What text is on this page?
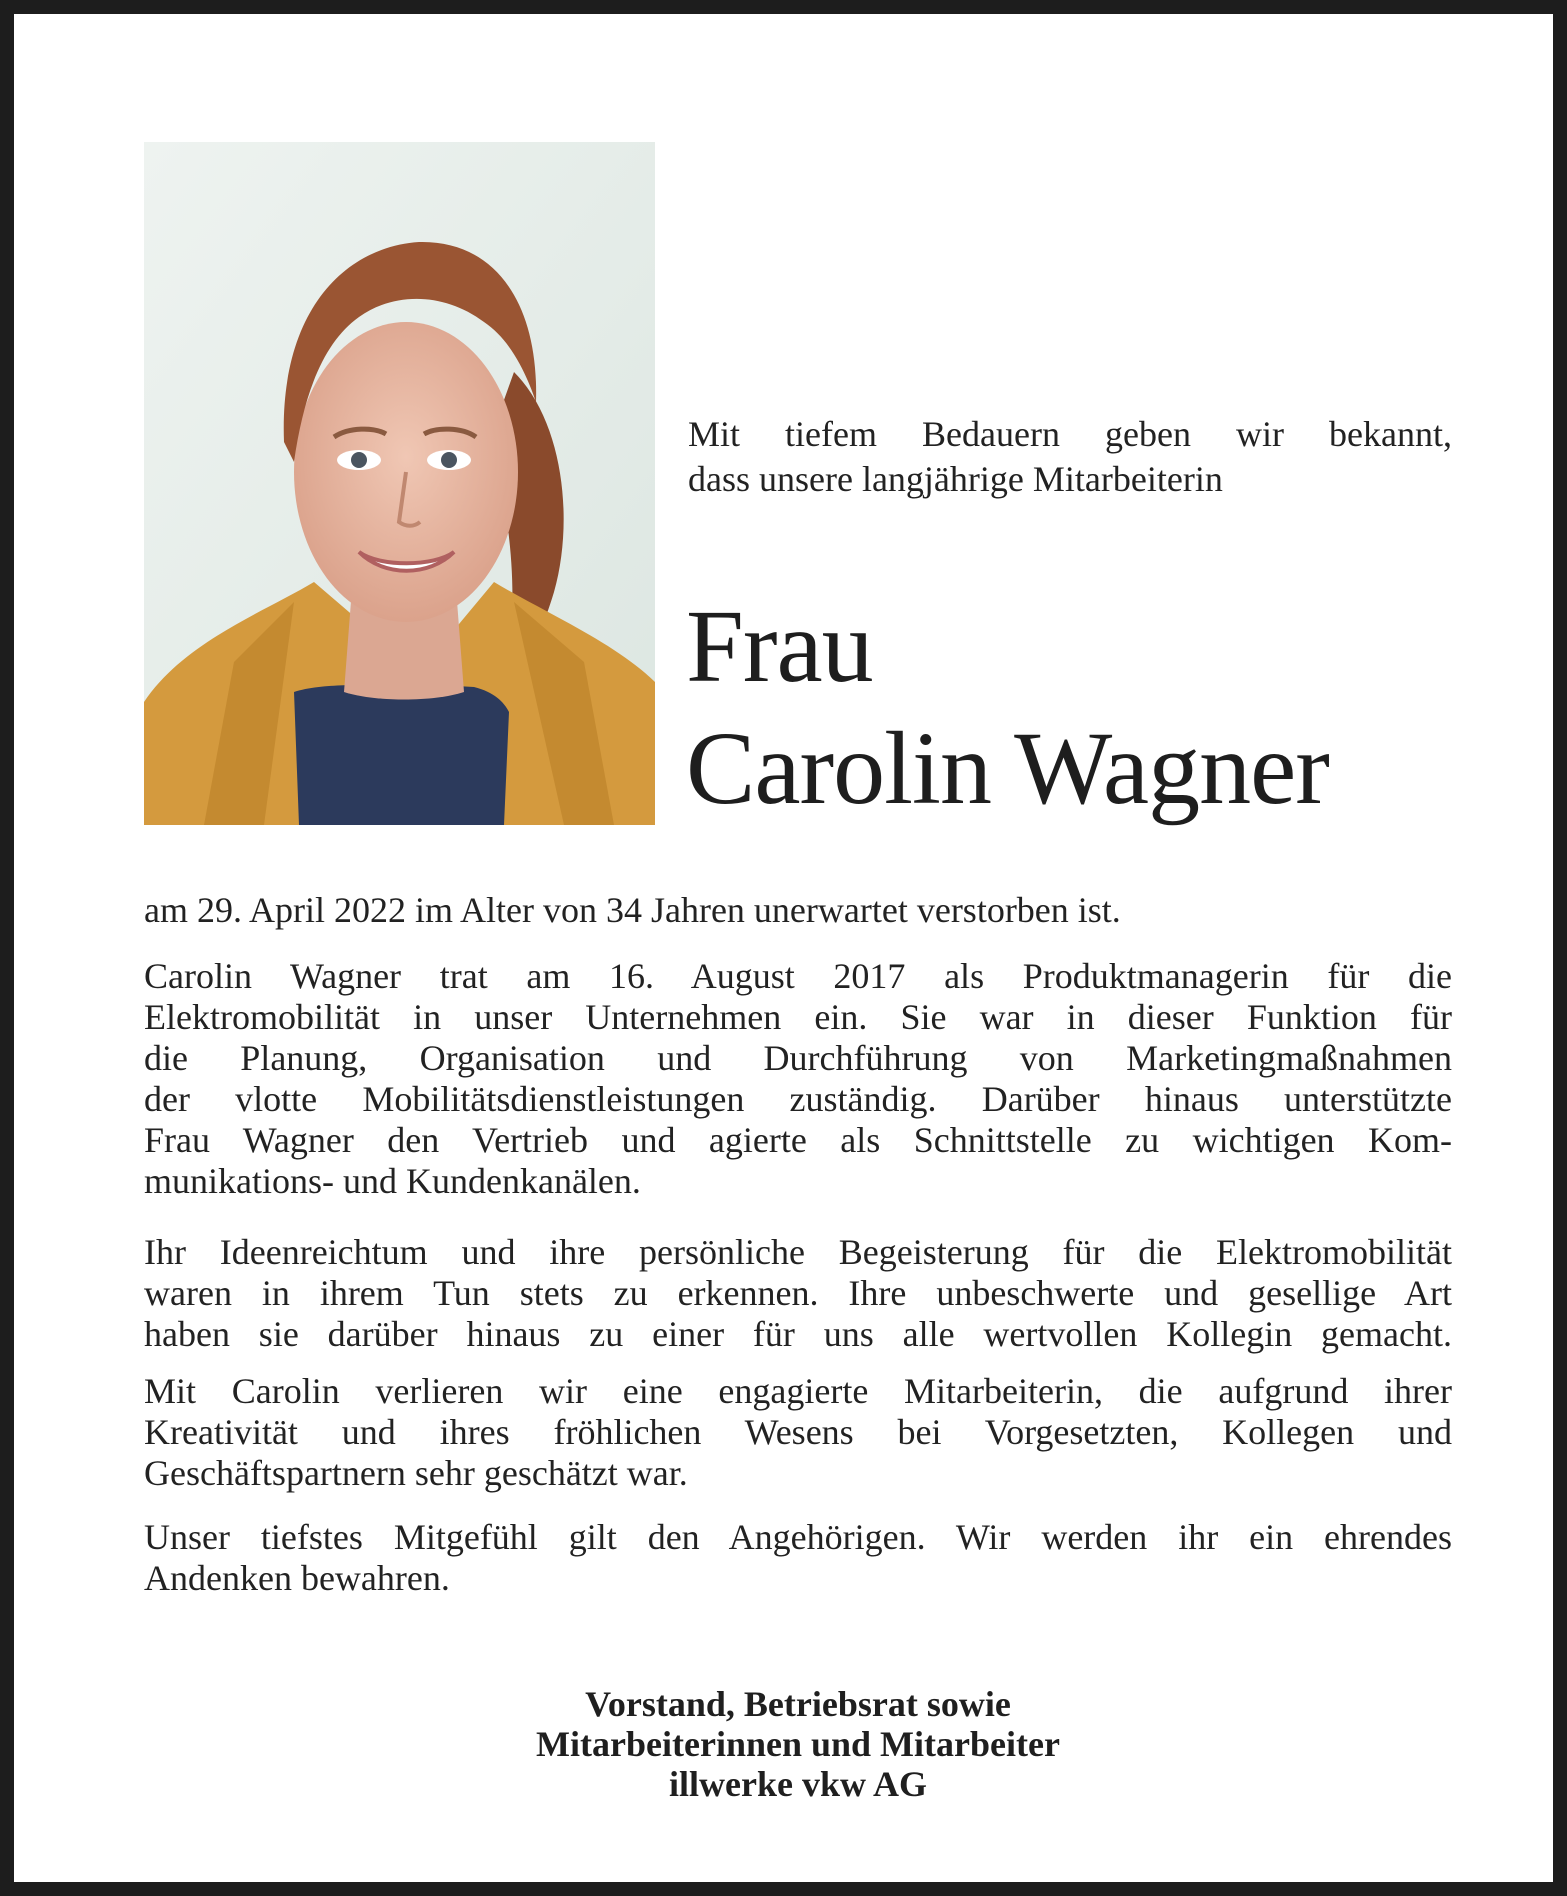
Mit tiefem Bedauern geben wir bekannt,
dass unsere langjährige Mitarbeiterin
Frau
Carolin Wagner
am 29. April 2022 im Alter von 34 Jahren unerwartet verstorben ist.
Carolin Wagner trat am 16. August 2017 als Produktmanagerin für die
Elektromobilität in unser Unternehmen ein. Sie war in dieser Funktion für
die Planung, Organisation und Durchführung von Marketingmaßnahmen
der vlotte Mobilitätsdienstleistungen zuständig. Darüber hinaus unterstützte
Frau Wagner den Vertrieb und agierte als Schnittstelle zu wichtigen Kom-
munikations- und Kundenkanälen.
Ihr Ideenreichtum und ihre persönliche Begeisterung für die Elektromobilität
waren in ihrem Tun stets zu erkennen. Ihre unbeschwerte und gesellige Art
haben sie darüber hinaus zu einer für uns alle wertvollen Kollegin gemacht.
Mit Carolin verlieren wir eine engagierte Mitarbeiterin, die aufgrund ihrer
Kreativität und ihres fröhlichen Wesens bei Vorgesetzten, Kollegen und
Geschäftspartnern sehr geschätzt war.
Unser tiefstes Mitgefühl gilt den Angehörigen. Wir werden ihr ein ehrendes
Andenken bewahren.
Vorstand, Betriebsrat sowie
Mitarbeiterinnen und Mitarbeiter
illwerke vkw AG
